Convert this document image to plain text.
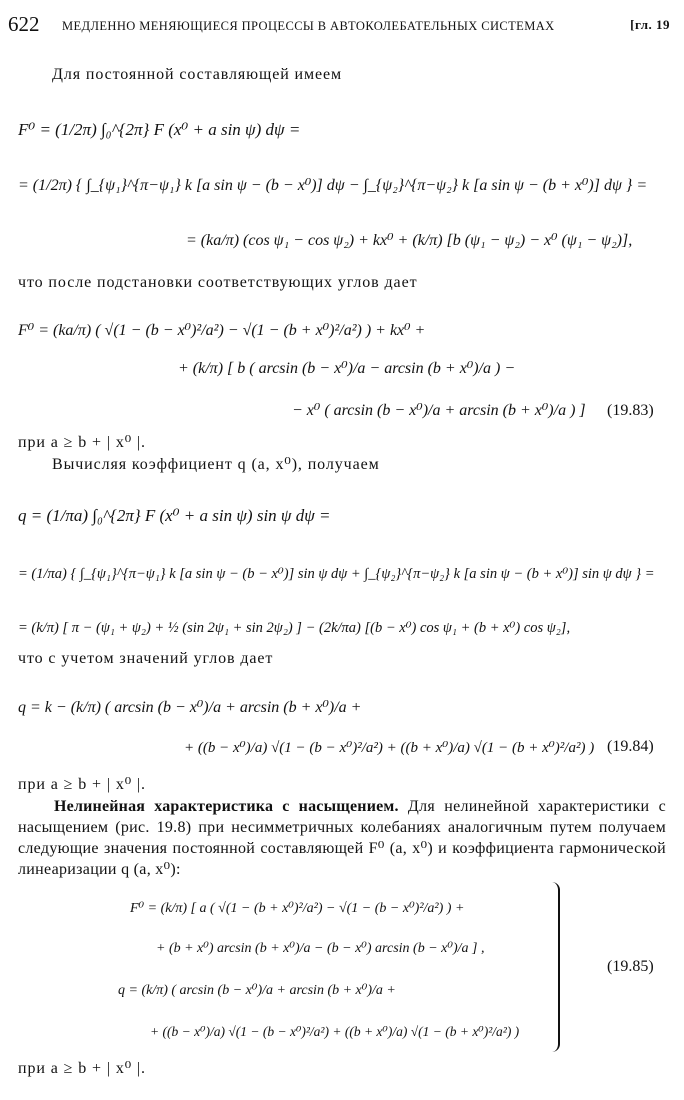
622 МЕДЛЕННО МЕНЯЮЩИЕСЯ ПРОЦЕССЫ В АВТОКОЛЕБАТЕЛЬНЫХ СИСТЕМАХ	[гл. 19
Для постоянной составляющей имеем
F⁰ = (1/2π) ∫₀^{2π} F (x⁰ + a sin ψ) dψ =
= (1/2π) { ∫_{ψ₁}^{π−ψ₁} k [a sin ψ − (b − x⁰)] dψ − ∫_{ψ₂}^{π−ψ₂} k [a sin ψ − (b + x⁰)] dψ } =
= (ka/π) (cos ψ₁ − cos ψ₂) + kx⁰ + (k/π) [b (ψ₁ − ψ₂) − x⁰ (ψ₁ − ψ₂)],
что после подстановки соответствующих углов дает
F⁰ = (ka/π) ( √(1 − (b − x⁰)²/a²) − √(1 − (b + x⁰)²/a²) ) + kx⁰ +
+ (k/π) [ b ( arcsin (b − x⁰)/a − arcsin (b + x⁰)/a ) −
− x⁰ ( arcsin (b − x⁰)/a + arcsin (b + x⁰)/a ) ] (19.83)
при a ≥ b + | x⁰ |.
Вычисляя коэффициент q (a, x⁰), получаем
q = (1/πa) ∫₀^{2π} F (x⁰ + a sin ψ) sin ψ dψ =
= (1/πa) { ∫_{ψ₁}^{π−ψ₁} k [a sin ψ − (b − x⁰)] sin ψ dψ + ∫_{ψ₂}^{π−ψ₂} k [a sin ψ − (b + x⁰)] sin ψ dψ } =
= (k/π) [ π − (ψ₁ + ψ₂) + ½ (sin 2ψ₁ + sin 2ψ₂) ] − (2k/πa) [(b − x⁰) cos ψ₁ + (b + x⁰) cos ψ₂],
что с учетом значений углов дает
q = k − (k/π) ( arcsin (b − x⁰)/a + arcsin (b + x⁰)/a +
+ ((b − x⁰)/a) √(1 − (b − x⁰)²/a²) + ((b + x⁰)/a) √(1 − (b + x⁰)²/a²) ) (19.84)
при a ≥ b + | x⁰ |.
Нелинейная характеристика с насыщением. Для нелинейной характеристики с насыщением (рис. 19.8) при несимметричных колебаниях аналогичным путем получаем следующие значения постоянной составляющей F⁰ (a, x⁰) и коэффициента гармонической линеаризации q (a, x⁰):
F⁰ = (k/π) [ a ( √(1 − (b + x⁰)²/a²) − √(1 − (b − x⁰)²/a²) ) +
+ (b + x⁰) arcsin (b + x⁰)/a − (b − x⁰) arcsin (b − x⁰)/a ] ,
q = (k/π) ( arcsin (b − x⁰)/a + arcsin (b + x⁰)/a +
+ ((b − x⁰)/a) √(1 − (b − x⁰)²/a²) + ((b + x⁰)/a) √(1 − (b + x⁰)²/a²) )
(19.85)
при a ≥ b + | x⁰ |.
